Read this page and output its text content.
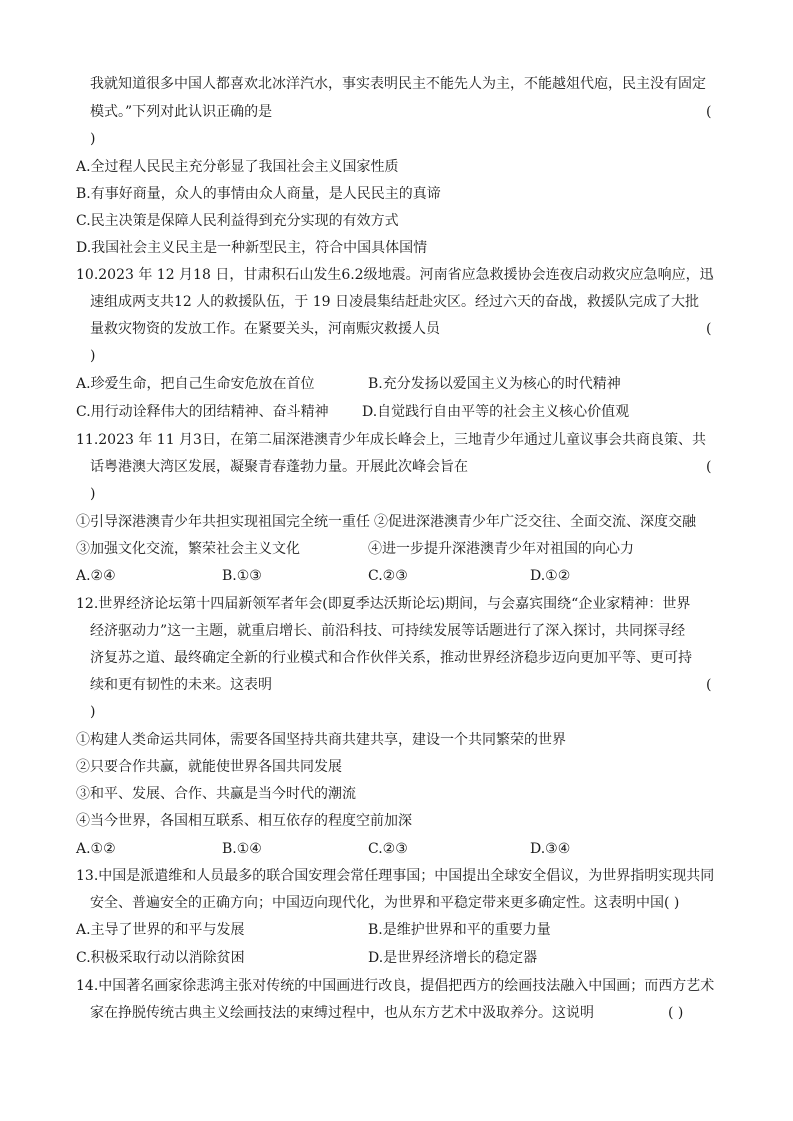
我就知道很多中国人都喜欢北冰洋汽水，事实表明民主不能先人为主，不能越俎代庖，民主没有固定
模式。”下列对此认识正确的是	(
)
A.全过程人民民主充分彰显了我国社会主义国家性质
B.有事好商量，众人的事情由众人商量，是人民民主的真谛
C.民主决策是保障人民利益得到充分实现的有效方式
D.我国社会主义民主是一种新型民主，符合中国具体国情
10.2023 年 12 月18 日，甘肃积石山发生6.2级地震。河南省应急救援协会连夜启动救灾应急响应，迅
速组成两支共12 人的救援队伍，于 19 日凌晨集结赶赴灾区。经过六天的奋战，救援队完成了大批
量救灾物资的发放工作。在紧要关头，河南赈灾救援人员	(
)
A.珍爱生命，把自己生命安危放在首位	B.充分发扬以爱国主义为核心的时代精神
C.用行动诠释伟大的团结精神、奋斗精神 D.自觉践行自由平等的社会主义核心价值观
11.2023 年 11 月3日，在第二届深港澳青少年成长峰会上，三地青少年通过儿童议事会共商良策、共
话粤港澳大湾区发展，凝聚青春蓬勃力量。开展此次峰会旨在	(
)
①引导深港澳青少年共担实现祖国完全统一重任 ②促进深港澳青少年广泛交往、全面交流、深度交融
③加强文化交流，繁荣社会主义文化	④进一步提升深港澳青少年对祖国的向心力
A.②④	B.①③	C.②③	D.①②
12.世界经济论坛第十四届新领军者年会(即夏季达沃斯论坛)期间，与会嘉宾围绕“企业家精神：世界
经济驱动力”这一主题，就重启增长、前沿科技、可持续发展等话题进行了深入探讨，共同探寻经
济复苏之道、最终确定全新的行业模式和合作伙伴关系，推动世界经济稳步迈向更加平等、更可持
续和更有韧性的未来。这表明	(
)
①构建人类命运共同体，需要各国坚持共商共建共享，建设一个共同繁荣的世界
②只要合作共赢，就能使世界各国共同发展
③和平、发展、合作、共赢是当今时代的潮流
④当今世界，各国相互联系、相互依存的程度空前加深
A.①②	B.①④	C.②③	D.③④
13.中国是派遣维和人员最多的联合国安理会常任理事国；中国提出全球安全倡议，为世界指明实现共同
安全、普遍安全的正确方向；中国迈向现代化，为世界和平稳定带来更多确定性。这表明中国( )
A.主导了世界的和平与发展	B.是维护世界和平的重要力量
C.积极采取行动以消除贫困	D.是世界经济增长的稳定器
14.中国著名画家徐悲鸿主张对传统的中国画进行改良，提倡把西方的绘画技法融入中国画；而西方艺术
家在挣脱传统古典主义绘画技法的束缚过程中，也从东方艺术中汲取养分。这说明	( )
